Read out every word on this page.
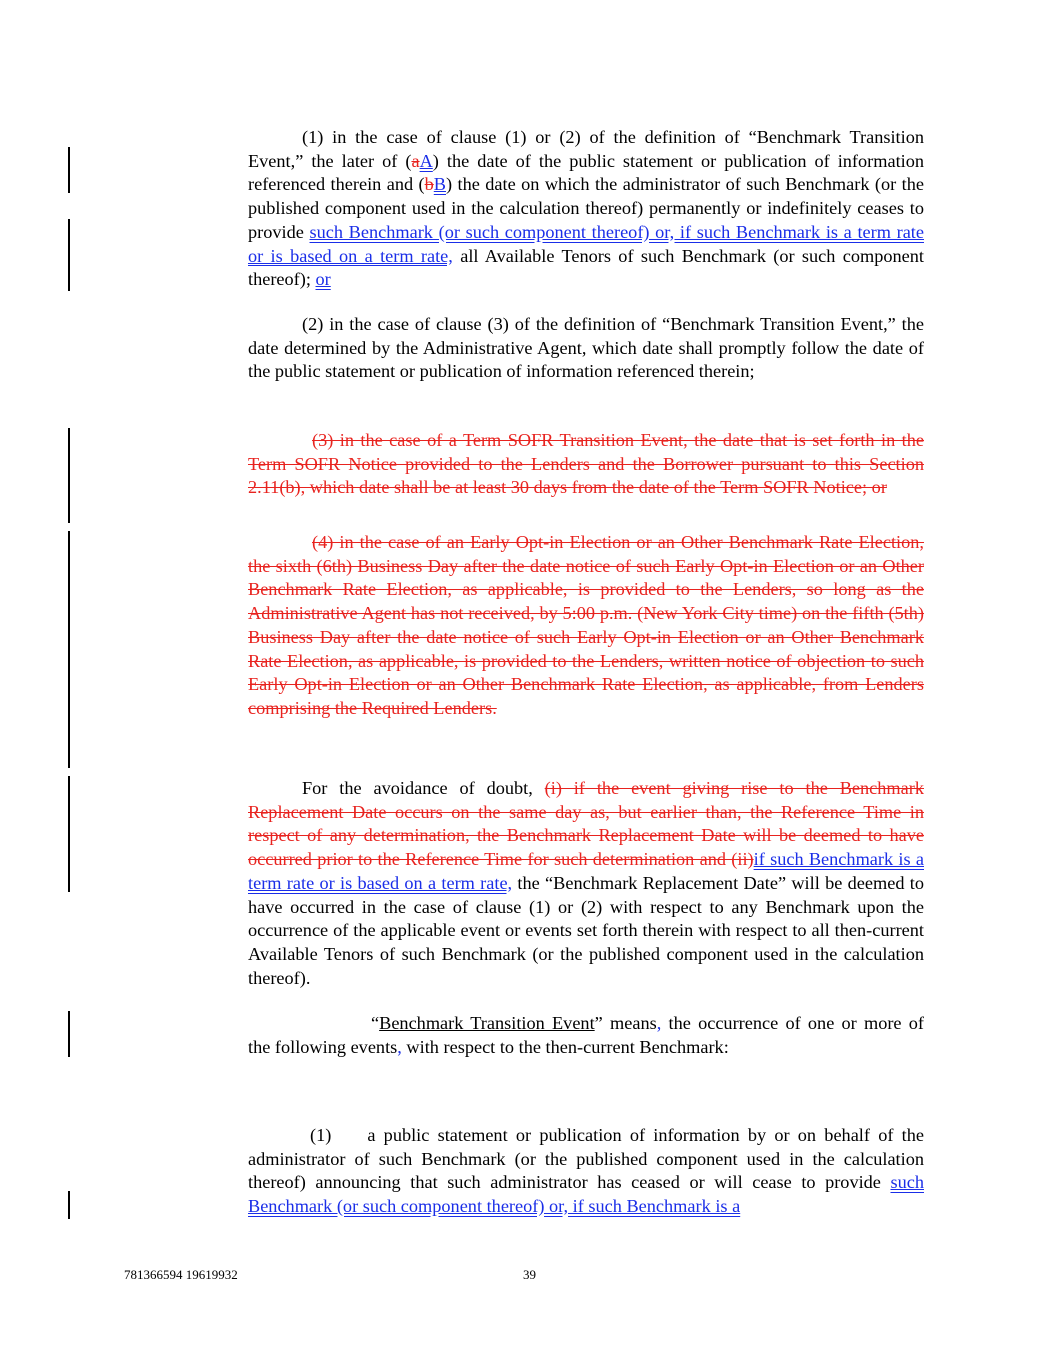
(1) in the case of clause (1) or (2) of the definition of “Benchmark Transition Event,” the later of (aA) the date of the public statement or publication of information referenced therein and (bB) the date on which the administrator of such Benchmark (or the published component used in the calculation thereof) permanently or indefinitely ceases to provide such Benchmark (or such component thereof) or, if such Benchmark is a term rate or is based on a term rate, all Available Tenors of such Benchmark (or such component thereof); or

(2) in the case of clause (3) of the definition of “Benchmark Transition Event,” the date determined by the Administrative Agent, which date shall promptly follow the date of the public statement or publication of information referenced therein;

(3) in the case of a Term SOFR Transition Event, the date that is set forth in the Term SOFR Notice provided to the Lenders and the Borrower pursuant to this Section 2.11(b), which date shall be at least 30 days from the date of the Term SOFR Notice; or

(4) in the case of an Early Opt-in Election or an Other Benchmark Rate Election, the sixth (6th) Business Day after the date notice of such Early Opt-in Election or an Other Benchmark Rate Election, as applicable, is provided to the Lenders, so long as the Administrative Agent has not received, by 5:00 p.m. (New York City time) on the fifth (5th) Business Day after the date notice of such Early Opt-in Election or an Other Benchmark Rate Election, as applicable, is provided to the Lenders, written notice of objection to such Early Opt-in Election or an Other Benchmark Rate Election, as applicable, from Lenders comprising the Required Lenders.

For the avoidance of doubt, (i) if the event giving rise to the Benchmark Replacement Date occurs on the same day as, but earlier than, the Reference Time in respect of any determination, the Benchmark Replacement Date will be deemed to have occurred prior to the Reference Time for such determination and (ii)if such Benchmark is a term rate or is based on a term rate, the “Benchmark Replacement Date” will be deemed to have occurred in the case of clause (1) or (2) with respect to any Benchmark upon the occurrence of the applicable event or events set forth therein with respect to all then-current Available Tenors of such Benchmark (or the published component used in the calculation thereof).

“Benchmark Transition Event” means, the occurrence of one or more of the following events, with respect to the then-current Benchmark:

(1) a public statement or publication of information by or on behalf of the administrator of such Benchmark (or the published component used in the calculation thereof) announcing that such administrator has ceased or will cease to provide such Benchmark (or such component thereof) or, if such Benchmark is a

781366594 19619932	39
